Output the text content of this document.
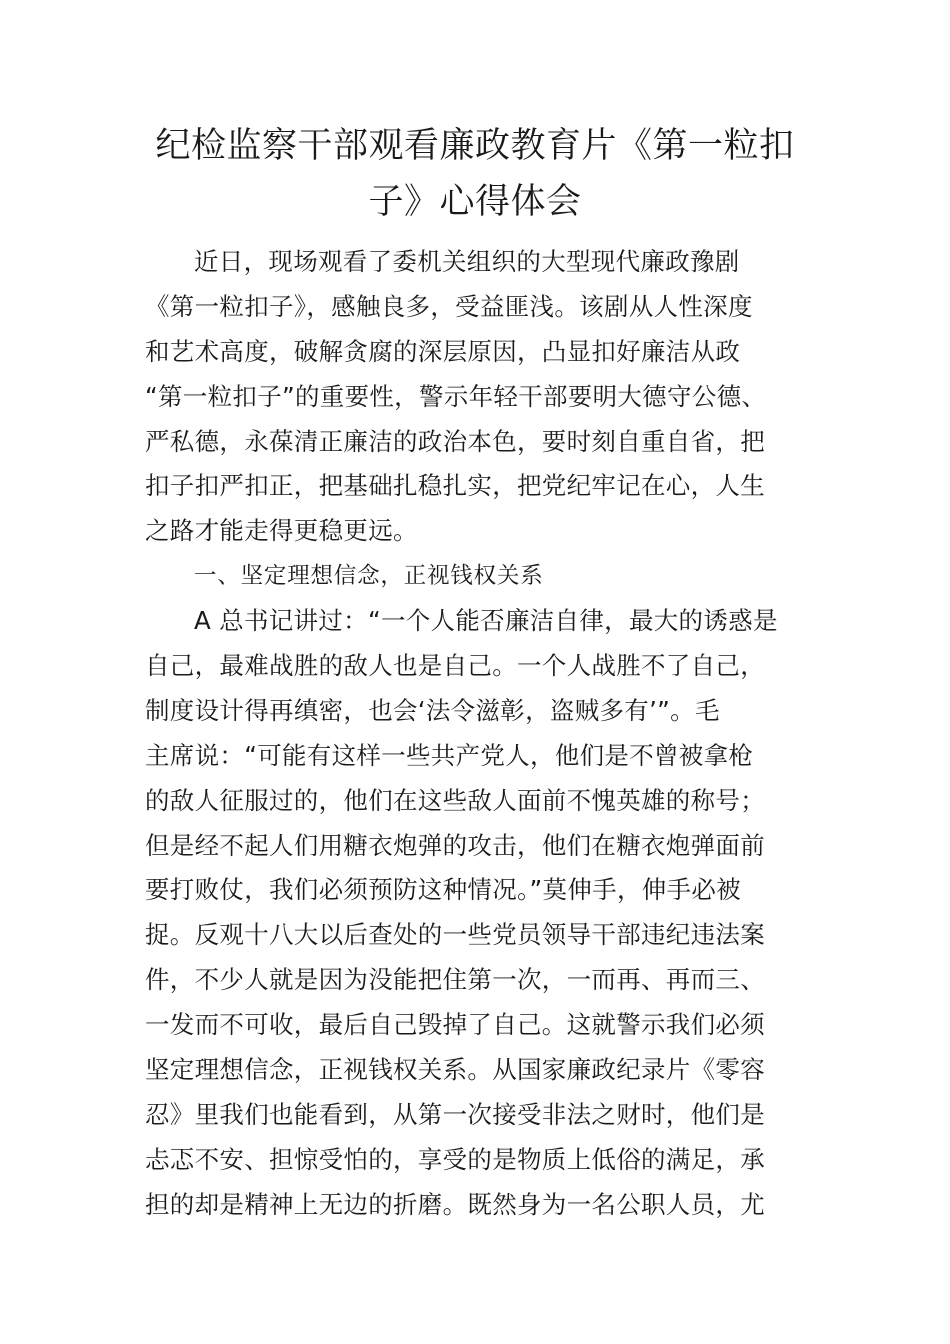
纪检监察干部观看廉政教育片《第一粒扣
子》心得体会
近日，现场观看了委机关组织的大型现代廉政豫剧
《第一粒扣子》，感触良多，受益匪浅。该剧从人性深度
和艺术高度，破解贪腐的深层原因，凸显扣好廉洁从政
“第一粒扣子”的重要性，警示年轻干部要明大德守公德、
严私德，永葆清正廉洁的政治本色，要时刻自重自省，把
扣子扣严扣正，把基础扎稳扎实，把党纪牢记在心，人生
之路才能走得更稳更远。
一、坚定理想信念，正视钱权关系
A 总书记讲过：“一个人能否廉洁自律，最大的诱惑是
自己，最难战胜的敌人也是自己。一个人战胜不了自己，
制度设计得再缜密，也会‘法令滋彰，盗贼多有’”。毛
主席说：“可能有这样一些共产党人，他们是不曾被拿枪
的敌人征服过的，他们在这些敌人面前不愧英雄的称号；
但是经不起人们用糖衣炮弹的攻击，他们在糖衣炮弹面前
要打败仗，我们必须预防这种情况。”莫伸手，伸手必被
捉。反观十八大以后查处的一些党员领导干部违纪违法案
件，不少人就是因为没能把住第一次，一而再、再而三、
一发而不可收，最后自己毁掉了自己。这就警示我们必须
坚定理想信念，正视钱权关系。从国家廉政纪录片《零容
忍》里我们也能看到，从第一次接受非法之财时，他们是
忐忑不安、担惊受怕的，享受的是物质上低俗的满足，承
担的却是精神上无边的折磨。既然身为一名公职人员，尤
